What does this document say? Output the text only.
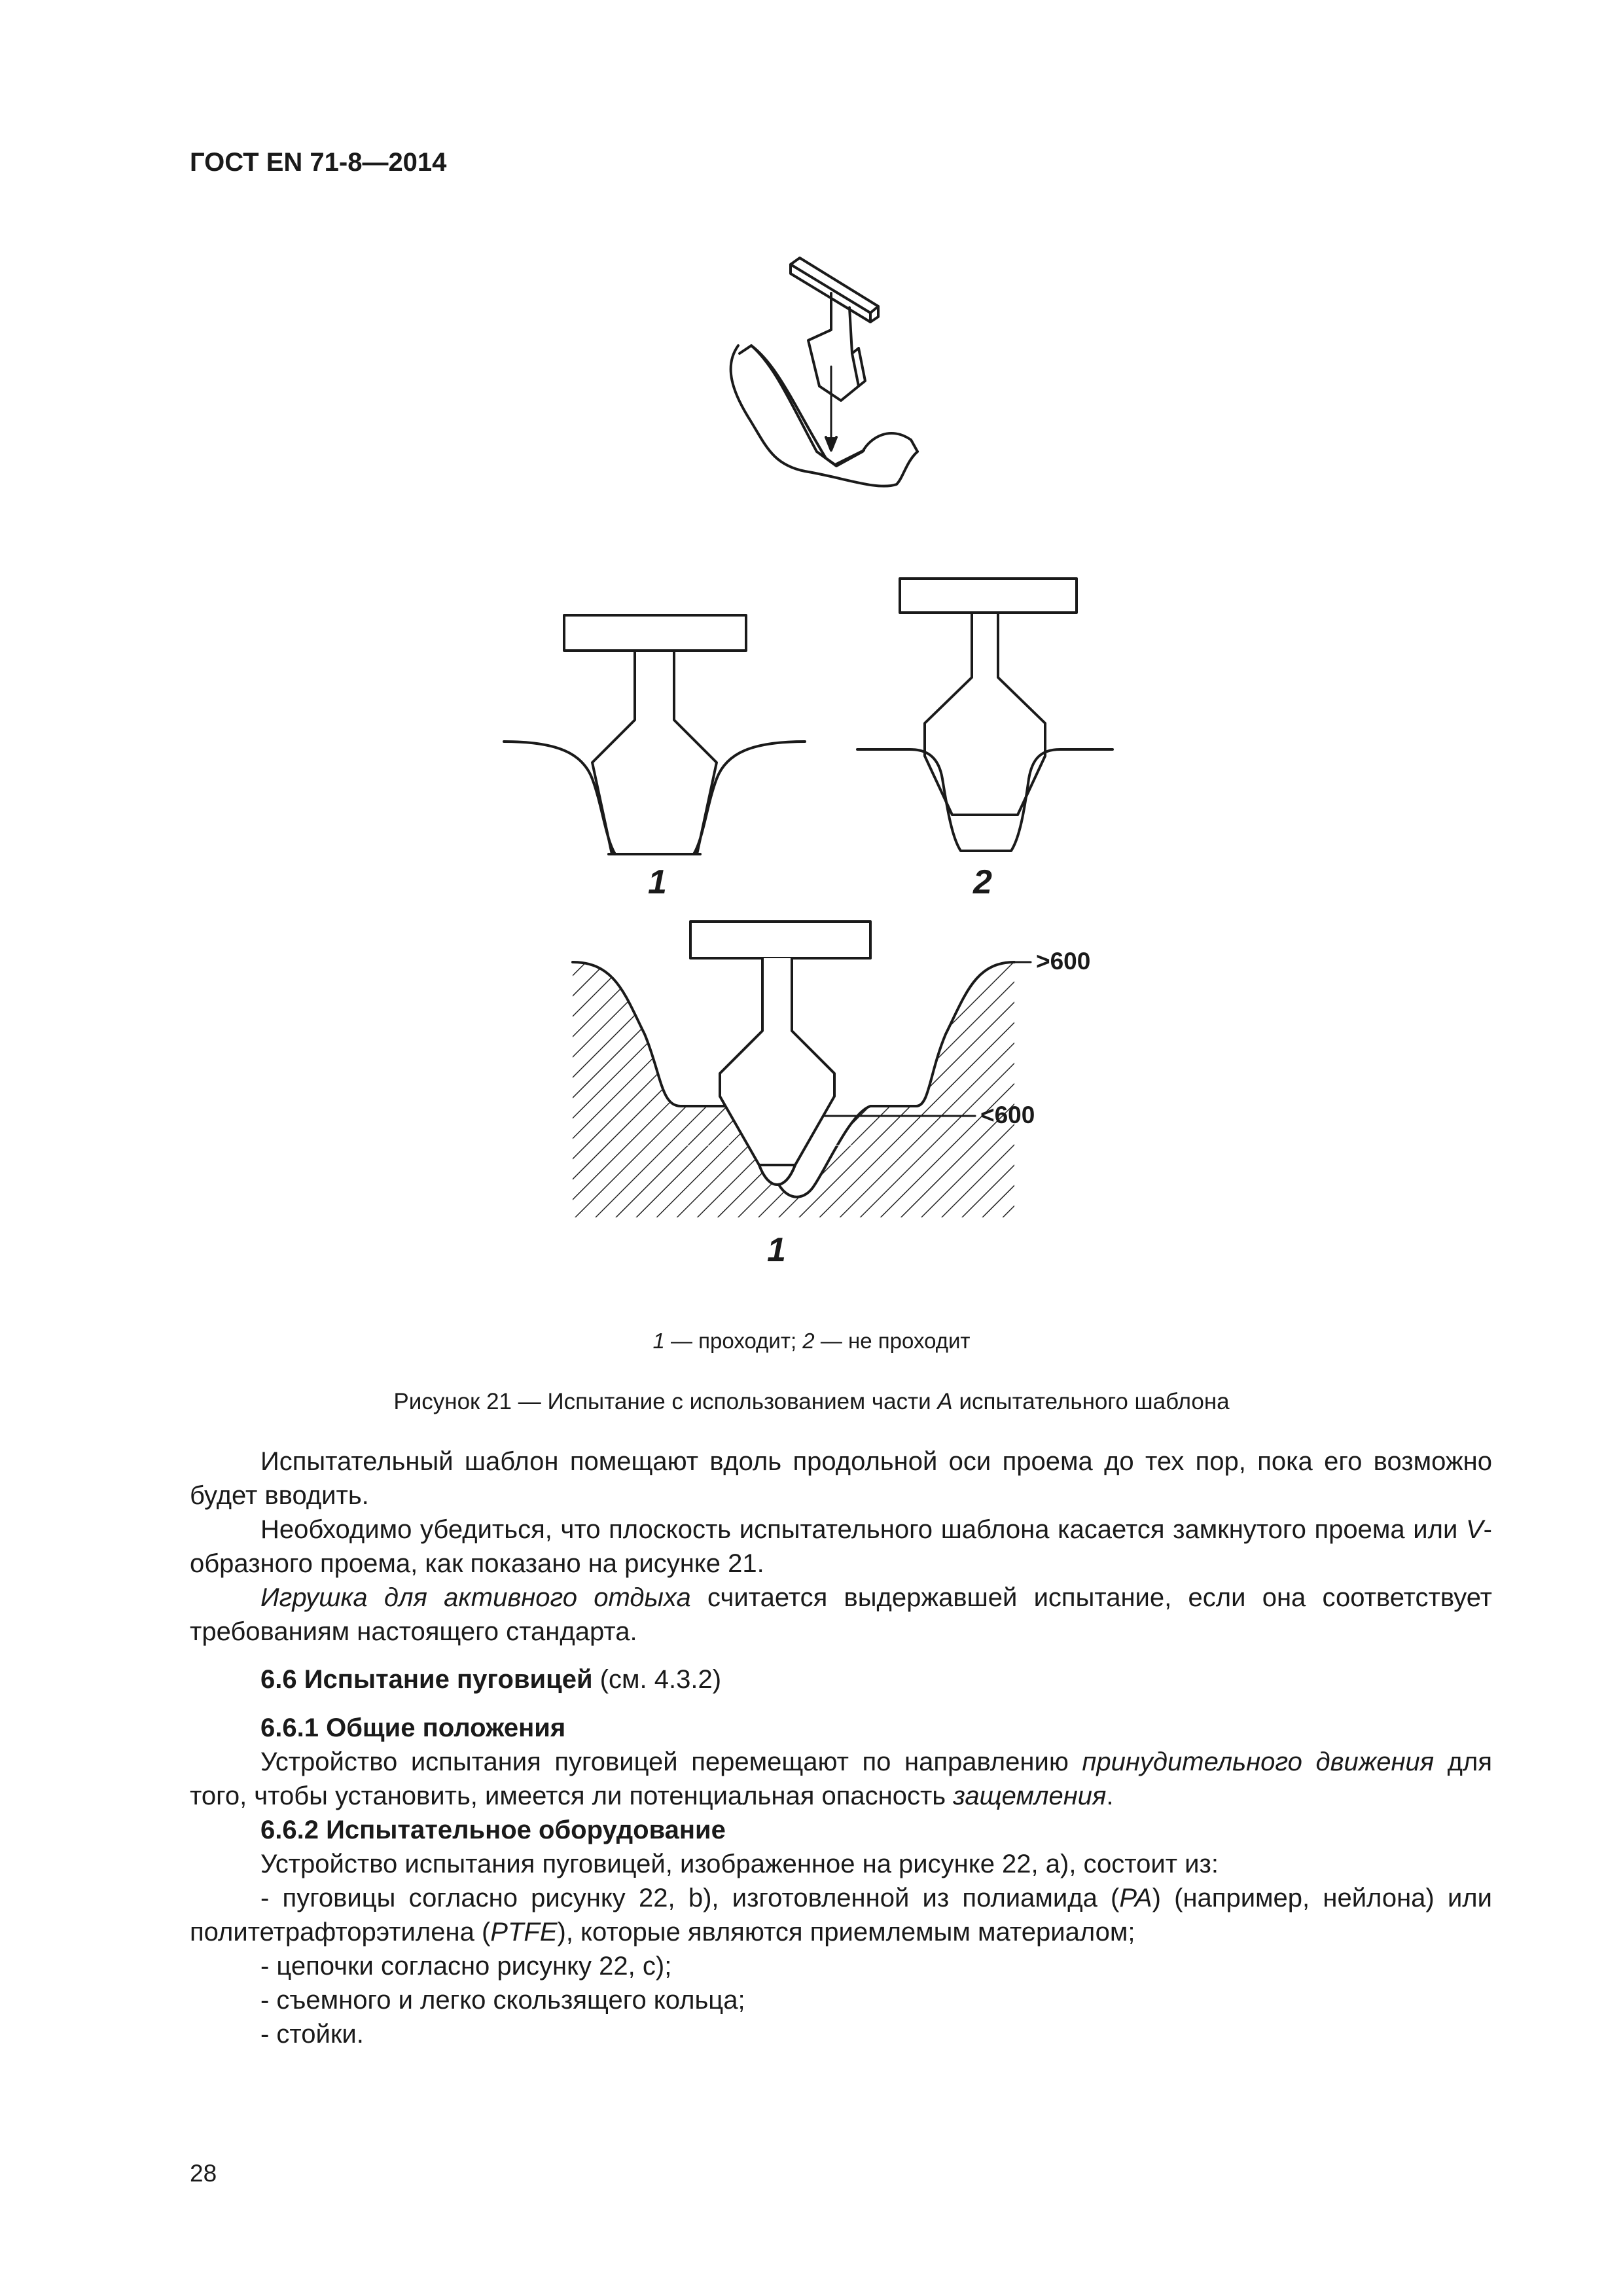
ГОСТ EN 71-8—2014
1	2
1
>600
<600
1 — проходит; 2 — не проходит
Рисунок 21 — Испытание с использованием части А испытательного шаблона

Испытательный шаблон помещают вдоль продольной оси проема до тех пор, пока его возможно будет вводить.

Необходимо убедиться, что плоскость испытательного шаблона касается замкнутого проема или V-образного проема, как показано на рисунке 21.

Игрушка для активного отдыха считается выдержавшей испытание, если она соответствует требованиям настоящего стандарта.

6.6 Испытание пуговицей (см. 4.3.2)

6.6.1 Общие положения

Устройство испытания пуговицей перемещают по направлению принудительного движения для того, чтобы установить, имеется ли потенциальная опасность защемления.

6.6.2 Испытательное оборудование

Устройство испытания пуговицей, изображенное на рисунке 22, а), состоит из:

- пуговицы согласно рисунку 22, b), изготовленной из полиамида (РА) (например, нейлона) или политетрафторэтилена (PTFE), которые являются приемлемым материалом;

- цепочки согласно рисунку 22, с);

- съемного и легко скользящего кольца;

- стойки.

28
